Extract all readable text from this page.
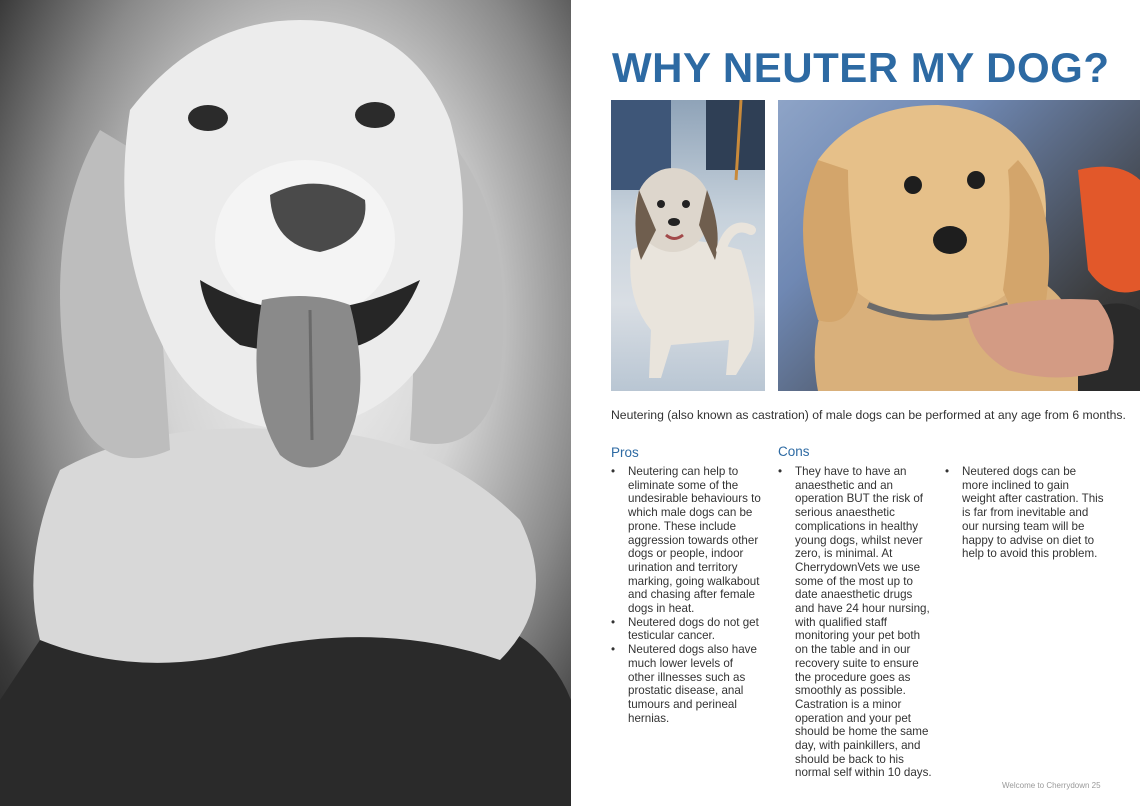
WHY NEUTER MY DOG?
Neutering (also known as castration) of male dogs can be performed at any age from 6 months.
Pros	Cons
• Neutering can help to eliminate some of the undesirable behaviours to which male dogs can be prone. These include aggression towards other dogs or people, indoor urination and territory marking, going walkabout and chasing after female dogs in heat.
• Neutered dogs do not get testicular cancer.
• Neutered dogs also have much lower levels of other illnesses such as prostatic disease, anal tumours and perineal hernias.
• They have to have an anaesthetic and an operation BUT the risk of serious anaesthetic complications in healthy young dogs, whilst never zero, is minimal. At CherrydownVets we use some of the most up to date anaesthetic drugs and have 24 hour nursing, with qualified staff monitoring your pet both on the table and in our recovery suite to ensure the procedure goes as smoothly as possible. Castration is a minor operation and your pet should be home the same day, with painkillers, and should be back to his normal self within 10 days.
• Neutered dogs can be more inclined to gain weight after castration. This is far from inevitable and our nursing team will be happy to advise on diet to help to avoid this problem.
Welcome to Cherrydown 25
